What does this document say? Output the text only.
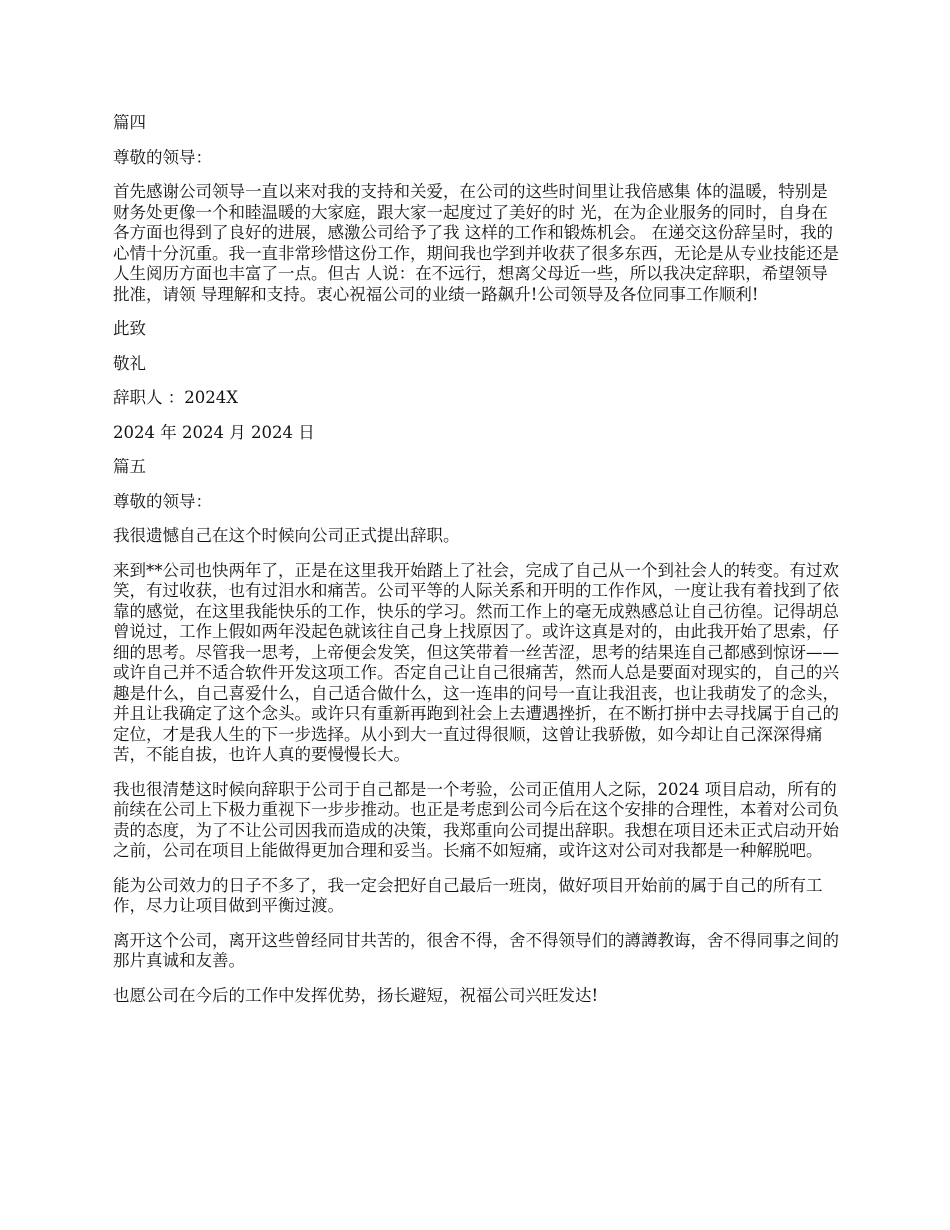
篇四

尊敬的领导：

首先感谢公司领导一直以来对我的支持和关爱，在公司的这些时间里让我倍感集 体的温暖，特别是财务处更像一个和睦温暖的大家庭，跟大家一起度过了美好的时 光，在为企业服务的同时，自身在各方面也得到了良好的进展，感激公司给予了我 这样的工作和锻炼机会。 在递交这份辞呈时，我的心情十分沉重。我一直非常珍惜这份工作，期间我也学到并收获了很多东西，无论是从专业技能还是人生阅历方面也丰富了一点。但古 人说：在不远行，想离父母近一些，所以我决定辞职，希望领导批准，请领 导理解和支持。衷心祝福公司的业绩一路飙升!公司领导及各位同事工作顺利!

此致

敬礼

辞职人 ：2024X

2024 年 2024 月 2024 日

篇五

尊敬的领导：

我很遗憾自己在这个时候向公司正式提出辞职。

来到**公司也快两年了，正是在这里我开始踏上了社会，完成了自己从一个到社会人的转变。有过欢笑，有过收获，也有过泪水和痛苦。公司平等的人际关系和开明的工作作风，一度让我有着找到了依靠的感觉，在这里我能快乐的工作，快乐的学习。然而工作上的毫无成熟感总让自己彷徨。记得胡总曾说过，工作上假如两年没起色就该往自己身上找原因了。或许这真是对的，由此我开始了思索，仔细的思考。尽管我一思考，上帝便会发笑，但这笑带着一丝苦涩，思考的结果连自己都感到惊讶——或许自己并不适合软件开发这项工作。否定自己让自己很痛苦，然而人总是要面对现实的，自己的兴趣是什么，自己喜爱什么，自己适合做什么，这一连串的问号一直让我沮丧，也让我萌发了的念头，并且让我确定了这个念头。或许只有重新再跑到社会上去遭遇挫折，在不断打拼中去寻找属于自己的定位，才是我人生的下一步选择。从小到大一直过得很顺，这曾让我骄傲，如今却让自己深深得痛苦，不能自拔，也许人真的要慢慢长大。

我也很清楚这时候向辞职于公司于自己都是一个考验，公司正值用人之际，2024 项目启动，所有的前续在公司上下极力重视下一步步推动。也正是考虑到公司今后在这个安排的合理性，本着对公司负责的态度，为了不让公司因我而造成的决策，我郑重向公司提出辞职。我想在项目还未正式启动开始之前，公司在项目上能做得更加合理和妥当。长痛不如短痛，或许这对公司对我都是一种解脱吧。

能为公司效力的日子不多了，我一定会把好自己最后一班岗，做好项目开始前的属于自己的所有工作，尽力让项目做到平衡过渡。

离开这个公司，离开这些曾经同甘共苦的，很舍不得，舍不得领导们的譐譐教诲，舍不得同事之间的那片真诚和友善。

也愿公司在今后的工作中发挥优势，扬长避短，祝福公司兴旺发达!
